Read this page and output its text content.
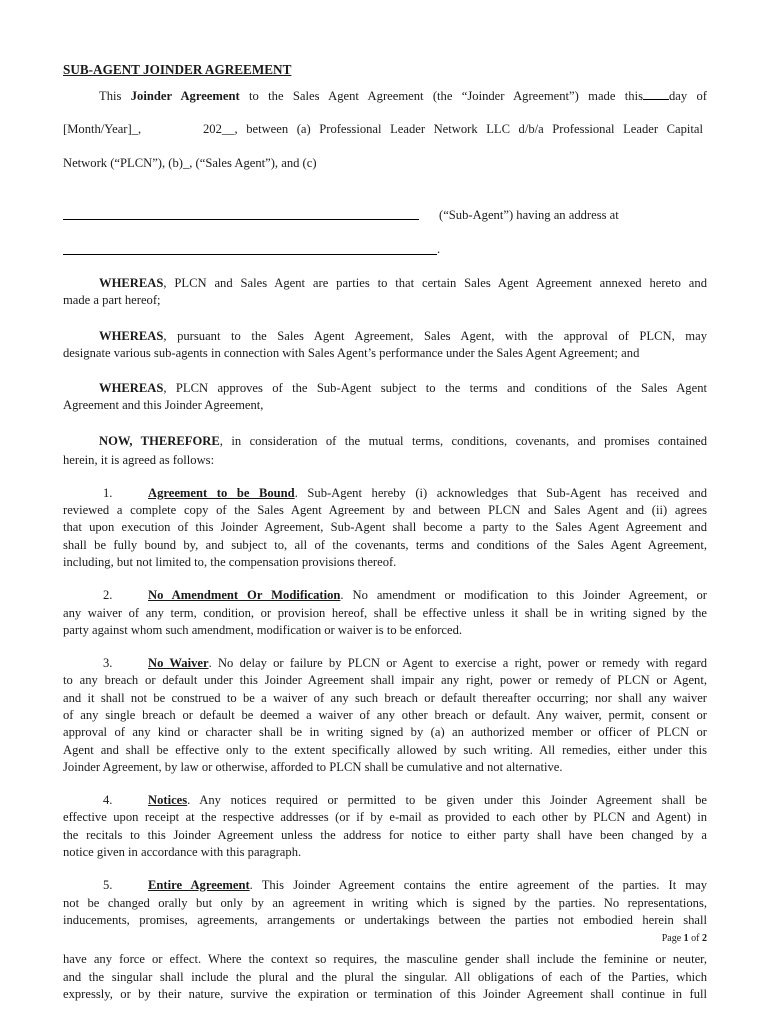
SUB-AGENT JOINDER AGREEMENT
This Joinder Agreement to the Sales Agent Agreement (the “Joinder Agreement”) made this day of
[Month/Year]_,	202__, between (a) Professional Leader Network LLC d/b/a Professional Leader Capital
Network (“PLCN”), (b)_, (“Sales Agent”), and (c)
(“Sub-Agent”) having an address at
.
WHEREAS, PLCN and Sales Agent are parties to that certain Sales Agent Agreement annexed hereto and
made a part hereof;
WHEREAS, pursuant to the Sales Agent Agreement, Sales Agent, with the approval of PLCN, may
designate various sub-agents in connection with Sales Agent’s performance under the Sales Agent Agreement; and
WHEREAS, PLCN approves of the Sub-Agent subject to the terms and conditions of the Sales Agent
Agreement and this Joinder Agreement,
NOW, THEREFORE, in consideration of the mutual terms, conditions, covenants, and promises contained
herein, it is agreed as follows:
1.	Agreement to be Bound. Sub-Agent hereby (i) acknowledges that Sub-Agent has received and
reviewed a complete copy of the Sales Agent Agreement by and between PLCN and Sales Agent and (ii) agrees
that upon execution of this Joinder Agreement, Sub-Agent shall become a party to the Sales Agent Agreement and
shall be fully bound by, and subject to, all of the covenants, terms and conditions of the Sales Agent Agreement,
including, but not limited to, the compensation provisions thereof.
2.	No Amendment Or Modification. No amendment or modification to this Joinder Agreement, or
any waiver of any term, condition, or provision hereof, shall be effective unless it shall be in writing signed by the
party against whom such amendment, modification or waiver is to be enforced.
3.	No Waiver. No delay or failure by PLCN or Agent to exercise a right, power or remedy with regard
to any breach or default under this Joinder Agreement shall impair any right, power or remedy of PLCN or Agent,
and it shall not be construed to be a waiver of any such breach or default thereafter occurring; nor shall any waiver
of any single breach or default be deemed a waiver of any other breach or default. Any waiver, permit, consent or
approval of any kind or character shall be in writing signed by (a) an authorized member or officer of PLCN or
Agent and shall be effective only to the extent specifically allowed by such writing. All remedies, either under this
Joinder Agreement, by law or otherwise, afforded to PLCN shall be cumulative and not alternative.
4.	Notices. Any notices required or permitted to be given under this Joinder Agreement shall be
effective upon receipt at the respective addresses (or if by e-mail as provided to each other by PLCN and Agent) in
the recitals to this Joinder Agreement unless the address for notice to either party shall have been changed by a
notice given in accordance with this paragraph.
5.	Entire Agreement. This Joinder Agreement contains the entire agreement of the parties. It may
not be changed orally but only by an agreement in writing which is signed by the parties. No representations,
inducements, promises, agreements, arrangements or undertakings between the parties not embodied herein shall
Page 1 of 2
have any force or effect. Where the context so requires, the masculine gender shall include the feminine or neuter,
and the singular shall include the plural and the plural the singular. All obligations of each of the Parties, which
expressly, or by their nature, survive the expiration or termination of this Joinder Agreement shall continue in full
